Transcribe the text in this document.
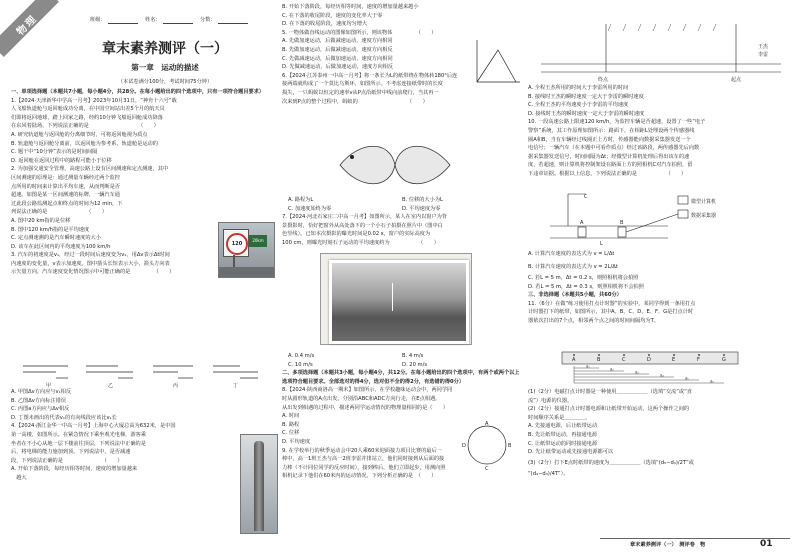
物理	班级：	姓名：	分数：
章末素养测评（一）
第一章　运动的描述
（本试卷满分100分，考试时间75分钟）

一、单项选择题（本题共7小题，每小题4分，共28分。在每小题给出的四个选项中，只有一项符合题目要求）

1.【2024·天津新华中学高一月考】2023年10月31日，“神舟十六号”载

人飞船轨道舱与返回舱成功分离，在中国空间站出差5个月的航天员

们即将返回地球，踏上回家之路，经约10分钟飞船返回舱成功降落

在东风着陆场。下列说法正确的是　　　　　　　　　　（　　）

A. 研究轨道舱与返回舱的分离细节时，可将返回舱视为质点

B. 轨道舱与返回舱分离前，以返回舱为参考系，轨道舱是运动的

C. 题干中“10分钟”表示的是时间间隔

D. 返回舱在返回过程中的路程可能小于位移

2. 为加强交通安全管理，高速公路上设有区间测速和定点测速，其中

区间测速的原理是：通过测量车辆经过两个监控

点所用的时间来计算出平均车速，从而判断是否

超速。如图是某一区间测速的标牌，一辆汽车通

过此段公路监测起点和终点的时间为12 min，下

列说法正确的是　　　　　　　　（　　）

A. 图中20 km指的是位移

B. 图中120 km/h指的是平均速度

C. 定点测速测的是汽车瞬时速度的大小

D. 该车在此区间内的平均速度为100 km/h

3. 汽车的初速度是v₁，经过一段时间后速度变为v₂，用Δv表示Δt时间

内速度的变化量，v表示加速度。图中箭头长短表示大小，箭头方向表

示矢量方向，汽车速度变化情况图示中可能正确的是　　　　　（　　）

120
20km
甲	乙	丙	丁

A. 甲图Δv方向应与v₁相反

B. 乙图Δv方向标注错误

C. 丙图a方向应与Δv相反

D. 丁图未画出的代表v₁的有向线段应该比v₁长

4.【2024·浙江金华一中高一月考】上海中心大厦总高为632米，是中国

第一高楼，如图所示。在紧急情况下乘坐观光电梯，游客乘

坐者在不小心从地一层下楼前往顶层，下列说法中正确的是

后，将电梯的能力施加到顶。下列说法中，是否减速

段，下列说法正确的是　　　　　　　　（　　）

A. 开始下落阶段，每经历相等时间，速度的增加量越来

　越大

B. 开始下落阶段，每经历相等时间，速度的增加量越来越小

C. 在下落的收尾阶段，速度的变化率大于零

D. 在下落的收尾阶段，速度均匀增大

5. 一物体做直线运动的图像如图所示，则该物体　　　　　（　　）

A. 先做加速运动，后做减速运动，速度方向相同

B. 先做加速运动，后做减速运动，速度方向相反

C. 先做减速运动，后做加速运动，速度方向相同

D. 先做减速运动，后做加速运动，速度方向相反

6.【2024·江苏泰州一中高一月考】将一条长为L的纸带绕在物体转180°后连

接两端就构成了一个莫比乌斯环，如图所示。不考虑连接纸带时的长度

损失，一只蚂蚁以恒定的速率v从P点沿纸带中线向前爬行，当其再一

次来到P点的整个过程中，蚂蚁的　　　　　　　　　　（　　）

A. 路程为L	B. 位移的大小为L

C. 加速度始终为零	D. 平均速度为零

7.【2024·河北石家庄二中高一月考】如图所示，某人在室内以窗户为背

景摄影时，恰好把窗外从高处落下的一个小石子拍摄在照片中（图中白

色竖线）。已知本次摄影的曝光时间是0.02 s，窗户的实际高度为

100 cm，则曝光时刻石子运动的平均速度约为　　　　　　（　　）

A. 0.4 m/s	B. 4 m/s

C. 10 m/s	D. 20 m/s

二、多项选择题（本题共3小题，每小题4分，共12分。在每小题给出的四个选项中，有两个或两个以上选项符合题目要求。全部选对的得4分，选对但不全的得2分，有选错的得0分）

8.【2024·陕西商洛高一期末】如图所示，在学校趣味运动会中，两同学同

时从圆形轨道的A点出发，分别沿ABC和ADC方向行走，在E点相遇。

从出发到相遇的过程中，描述两同学运动情况的物理量相同的是（　　）

A. 时间

B. 路程

C. 位移

D. 平均速度

9. 在学校举行的秋季运动会中20人乘60米迎面接力项目比赛的最后一

棒中，高一1班王杰与高一2班李雷并排站立，他们同时接到从后面的接

力棒（不计同位同学的反应时间），接到棒后，他们立即起步，用测向照

相机记录下他们在60米内的运动情况，下列分析正确的是　（　　）

A
B
C
D
终点	起点
王杰
李雷

A. 全程王杰所用的时间大于李雷所用的时间

B. 接线时王杰的瞬时速度一定大于李雷的瞬时速度

C. 全程王杰的平均速度小于李雷的平均速度

D. 接线时王杰的瞬时速度一定大于李雷的瞬时速度

10. 一段高速公路上限速120 km/h，为监控车辆是否超速，设置了一些“电子

警察”系统，其工作原理如图所示：路面下，在相距L处埋设两个传感器线

圈A和B，当有车辆经过线圈正上方时，传感器能向数据采集器发送一个

电信号；一辆汽车（在本题中可看作质点）经过该路段，两传感器先后向数

据采集器发送信号，时间间隔为Δt；经微型计算机处理后得出该车的速

度，若超速，则计算机将控制架设在路面上方的照相机C对汽车拍照，留

下违章证据。根据以上信息，下列说法正确的是　　　　　　（　　）

C
A	B
L
微型计算机
数据采集器

A. 计算汽车速度的表达式为 v = L/Δt

B. 计算汽车速度的表达式为 v = 2L/Δt

C. 若L = 5 m，Δt = 0.2 s，则照相机将会拍照

D. 若L = 5 m，Δt = 0.3 s，则照相机将不会拍照

三、非选择题（本题共5小题，共60分）

11.（6分）在做“练习使用打点计时器”的实验中，某同学得到一条用打点

计时器打下的纸带，如图所示，其中A、B、C、D、E、F、G是打点计时

器依次打出的7个点，相邻两个点之间的时间间隔均为T。

A	B	C	D	E	F	G
d₁
d₂
d₃
d₄
d₅
d₆

(1)（2分）电磁打点计时器是一种使用＿＿＿＿＿＿（选填“交流”或“直

流”）电源的仪器。

(2)（2分）接通打点计时器电源和让纸带开始运动，这两个操作之间的

时间顺序关系是＿＿＿＿。

A. 先接通电源，后让纸带运动

B. 先让纸带运动，再接通电源

C. 让纸带运动的同时接通电源

D. 先让纸带运动或先接通电源都可以

(3)（2分）打下E点时纸带的速度为＿＿＿＿＿＿（选填“(d₅−d₃)/2T”或

“(d₄−d₃)/4T”）。

章末素养测评（一）　测评卷　物	01
